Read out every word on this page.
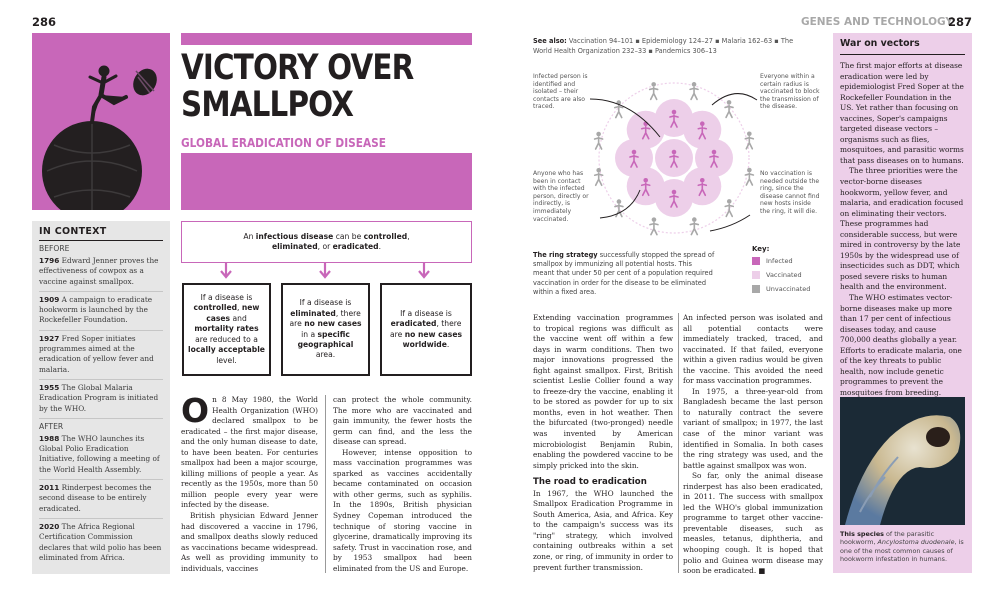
286	GENES AND TECHNOLOGY
287
VICTORY OVER
SMALLPOX
GLOBAL ERADICATION OF DISEASE
IN CONTEXT
BEFORE
1796 Edward Jenner proves the effectiveness of cowpox as a vaccine against smallpox.
1909 A campaign to eradicate hookworm is launched by the Rockefeller Foundation.
1927 Fred Soper initiates programmes aimed at the eradication of yellow fever and malaria.
1955 The Global Malaria Eradication Program is initiated by the WHO.
AFTER
1988 The WHO launches its Global Polio Eradication Initiative, following a meeting of the World Health Assembly.
2011 Rinderpest becomes the second disease to be entirely eradicated.
2020 The Africa Regional Certification Commission declares that wild polio has been eliminated from Africa.
An infectious disease can be controlled, eliminated, or eradicated.
If a disease is controlled, new cases and mortality rates are reduced to a locally acceptable level.
If a disease is eliminated, there are no new cases in a specific geographical area.
If a disease is eradicated, there are no new cases worldwide.

On 8 May 1980, the World Health Organization (WHO) declared smallpox to be eradicated – the first major disease, and the only human disease to date, to have been beaten. For centuries smallpox had been a major scourge, killing millions of people a year. As recently as the 1950s, more than 50 million people every year were infected by the disease.

British physician Edward Jenner had discovered a vaccine in 1796, and smallpox deaths slowly reduced as vaccinations became widespread. As well as providing immunity to individuals, vaccines

can protect the whole community. The more who are vaccinated and gain immunity, the fewer hosts the germ can find, and the less the disease can spread.

However, intense opposition to mass vaccination programmes was sparked as vaccines accidentally became contaminated on occasion with other germs, such as syphilis. In the 1890s, British physician Sydney Copeman introduced the technique of storing vaccine in glycerine, dramatically improving its safety. Trust in vaccination rose, and by 1953 smallpox had been eliminated from the US and Europe.

See also: Vaccination 94–101 ▪ Epidemiology 124–27 ▪ Malaria 162–63 ▪ The World Health Organization 232–33 ▪ Pandemics 306–13
Infected person is identified and isolated – their contacts are also traced.
Everyone within a certain radius is vaccinated to block the transmission of the disease.
Anyone who has been in contact with the infected person, directly or indirectly, is immediately vaccinated.
No vaccination is needed outside the ring, since the disease cannot find new hosts inside the ring, it will die.
Key:
Infected
Vaccinated
Unvaccinated
The ring strategy successfully stopped the spread of smallpox by immunizing all potential hosts. This meant that under 50 per cent of a population required vaccination in order for the disease to be eliminated within a fixed area.

Extending vaccination programmes to tropical regions was difficult as the vaccine went off within a few days in warm conditions. Then two major innovations progressed the fight against smallpox. First, British scientist Leslie Collier found a way to freeze-dry the vaccine, enabling it to be stored as powder for up to six months, even in hot weather. Then the bifurcated (two-pronged) needle was invented by American microbiologist Benjamin Rubin, enabling the powdered vaccine to be simply pricked into the skin.

The road to eradication

In 1967, the WHO launched the Smallpox Eradication Programme in South America, Asia, and Africa. Key to the campaign's success was its "ring" strategy, which involved containing outbreaks within a set zone, or ring, of immunity in order to prevent further transmission.

An infected person was isolated and all potential contacts were immediately tracked, traced, and vaccinated. If that failed, everyone within a given radius would be given the vaccine. This avoided the need for mass vaccination programmes.

In 1975, a three-year-old from Bangladesh became the last person to naturally contract the severe variant of smallpox; in 1977, the last case of the minor variant was identified in Somalia. In both cases the ring strategy was used, and the battle against smallpox was won.

So far, only the animal disease rinderpest has also been eradicated, in 2011. The success with smallpox led the WHO's global immunization programme to target other vaccine-preventable diseases, such as measles, tetanus, diphtheria, and whooping cough. It is hoped that polio and Guinea worm disease may soon be eradicated. ■

War on vectors

The first major efforts at disease eradication were led by epidemiologist Fred Soper at the Rockefeller Foundation in the US. Yet rather than focusing on vaccines, Soper's campaigns targeted disease vectors – organisms such as flies, mosquitoes, and parasitic worms that pass diseases on to humans.

The three priorities were the vector-borne diseases hookworm, yellow fever, and malaria, and eradication focused on eliminating their vectors. These programmes had considerable success, but were mired in controversy by the late 1950s by the widespread use of insecticides such as DDT, which posed severe risks to human health and the environment.

The WHO estimates vector-borne diseases make up more than 17 per cent of infectious diseases today, and cause 700,000 deaths globally a year. Efforts to eradicate malaria, one of the key threats to public health, now include genetic programmes to prevent the mosquitoes from breeding.

This species of the parasitic hookworm, Ancylostoma duodenale, is one of the most common causes of hookworm infestation in humans.
